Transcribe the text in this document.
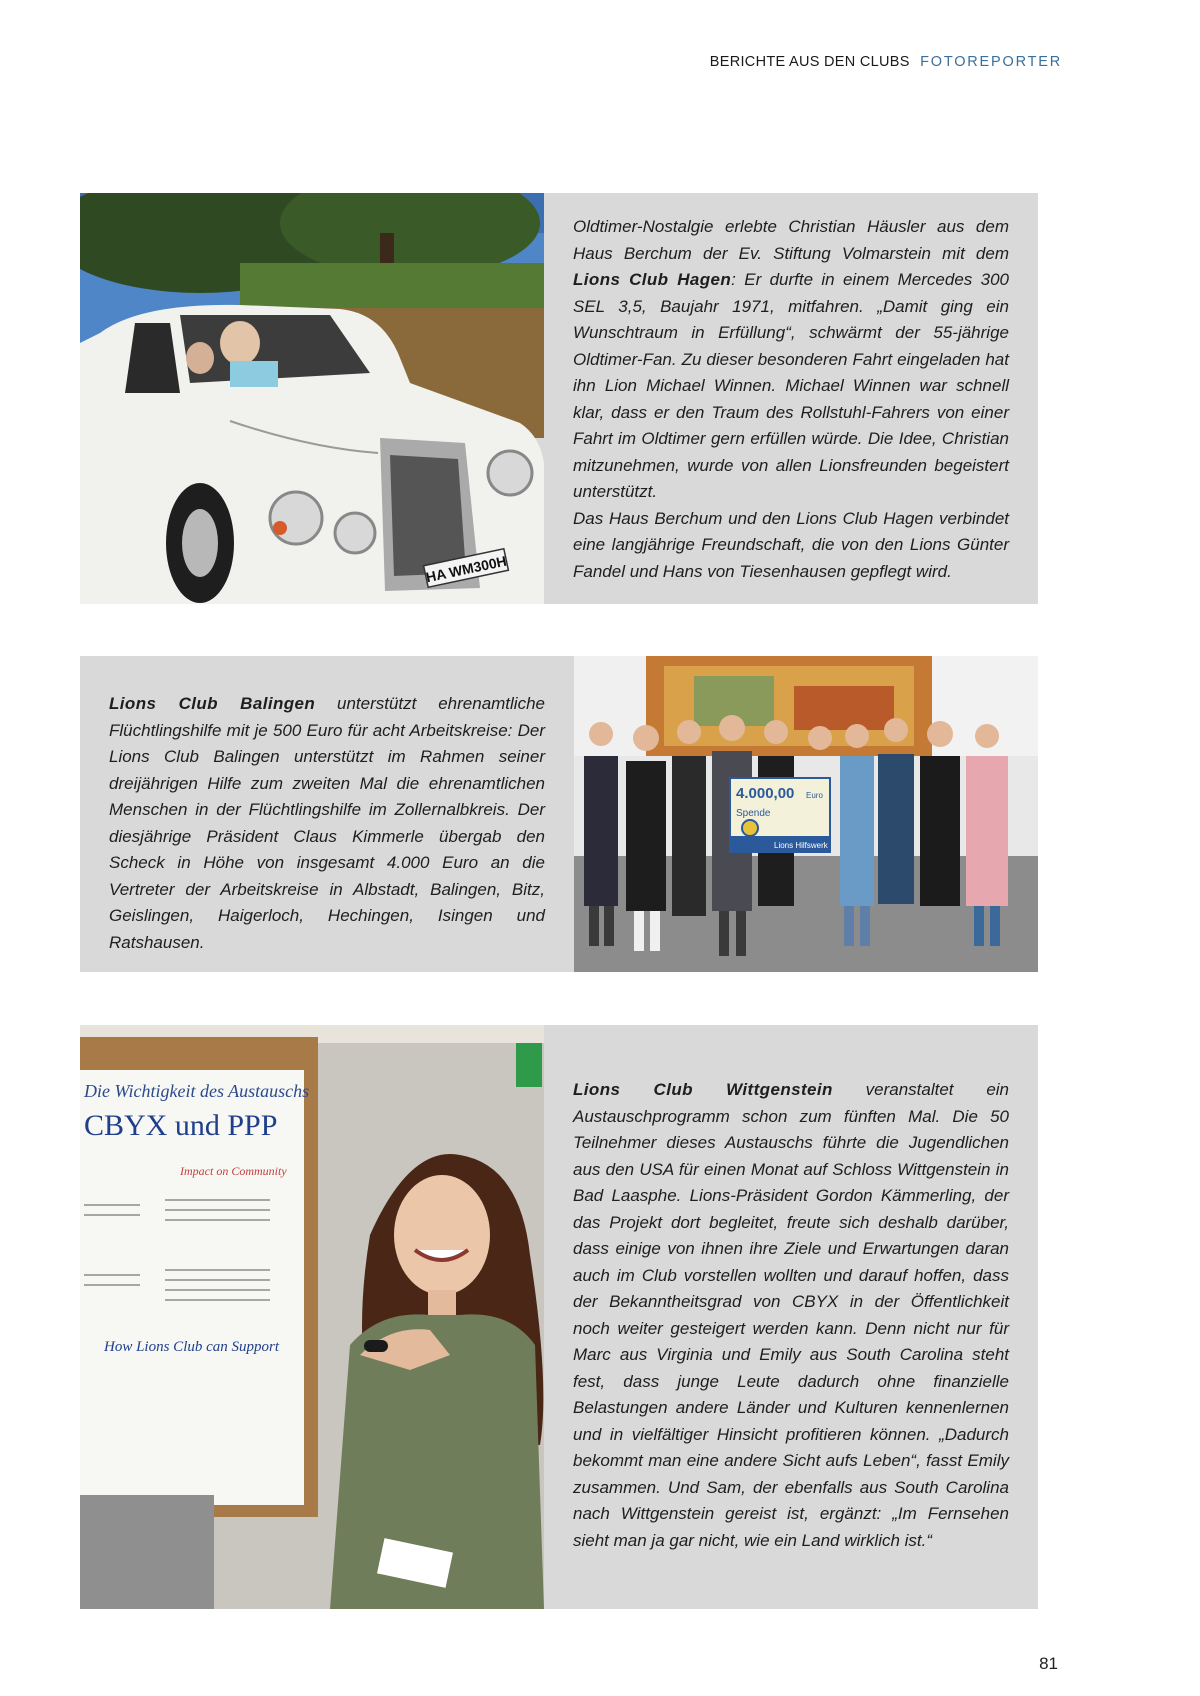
BERICHTE AUS DEN CLUBS FOTOREPORTER
HA WM300H

Oldtimer-Nostalgie erlebte Christian Häusler aus dem Haus Berchum der Ev. Stiftung Volmarstein mit dem Lions Club Hagen: Er durfte in einem Mercedes 300 SEL 3,5, Baujahr 1971, mitfahren. „Damit ging ein Wunschtraum in Erfüllung“, schwärmt der 55-jährige Oldtimer-Fan. Zu dieser besonderen Fahrt eingeladen hat ihn Lion Michael Winnen. Michael Winnen war schnell klar, dass er den Traum des Rollstuhl-Fahrers von einer Fahrt im Oldtimer gern erfüllen würde. Die Idee, Christian mitzunehmen, wurde von allen Lionsfreunden begeistert unterstützt.

Das Haus Berchum und den Lions Club Hagen verbindet eine langjährige Freundschaft, die von den Lions Günter Fandel und Hans von Tiesenhausen gepflegt wird.

Lions Club Balingen unterstützt ehrenamtliche Flüchtlingshilfe mit je 500 Euro für acht Arbeitskreise: Der Lions Club Balingen unterstützt im Rahmen seiner dreijährigen Hilfe zum zweiten Mal die ehrenamtlichen Menschen in der Flüchtlingshilfe im Zollernalbkreis. Der diesjährige Präsident Claus Kimmerle übergab den Scheck in Höhe von insgesamt 4.000 Euro an die Vertreter der Arbeitskreise in Albstadt, Balingen, Bitz, Geislingen, Haigerloch, Hechingen, Isingen und Ratshausen.

4.000,00 Euro
Spende
Lions Hilfswerk
Die Wichtigkeit des Austauschs
CBYX und PPP
Impact on Community
How Lions Club can Support

Lions Club Wittgenstein veranstaltet ein Austauschprogramm schon zum fünften Mal. Die 50 Teilnehmer dieses Austauschs führte die Jugendlichen aus den USA für einen Monat auf Schloss Wittgenstein in Bad Laasphe. Lions-Präsident Gordon Kämmerling, der das Projekt dort begleitet, freute sich deshalb darüber, dass einige von ihnen ihre Ziele und Erwartungen daran auch im Club vorstellen wollten und darauf hoffen, dass der Bekanntheitsgrad von CBYX in der Öffentlichkeit noch weiter gesteigert werden kann. Denn nicht nur für Marc aus Virginia und Emily aus South Carolina steht fest, dass junge Leute dadurch ohne finanzielle Belastungen andere Länder und Kulturen kennenlernen und in vielfältiger Hinsicht profitieren können. „Dadurch bekommt man eine andere Sicht aufs Leben“, fasst Emily zusammen. Und Sam, der ebenfalls aus South Carolina nach Wittgenstein gereist ist, ergänzt: „Im Fernsehen sieht man ja gar nicht, wie ein Land wirklich ist.“

81
